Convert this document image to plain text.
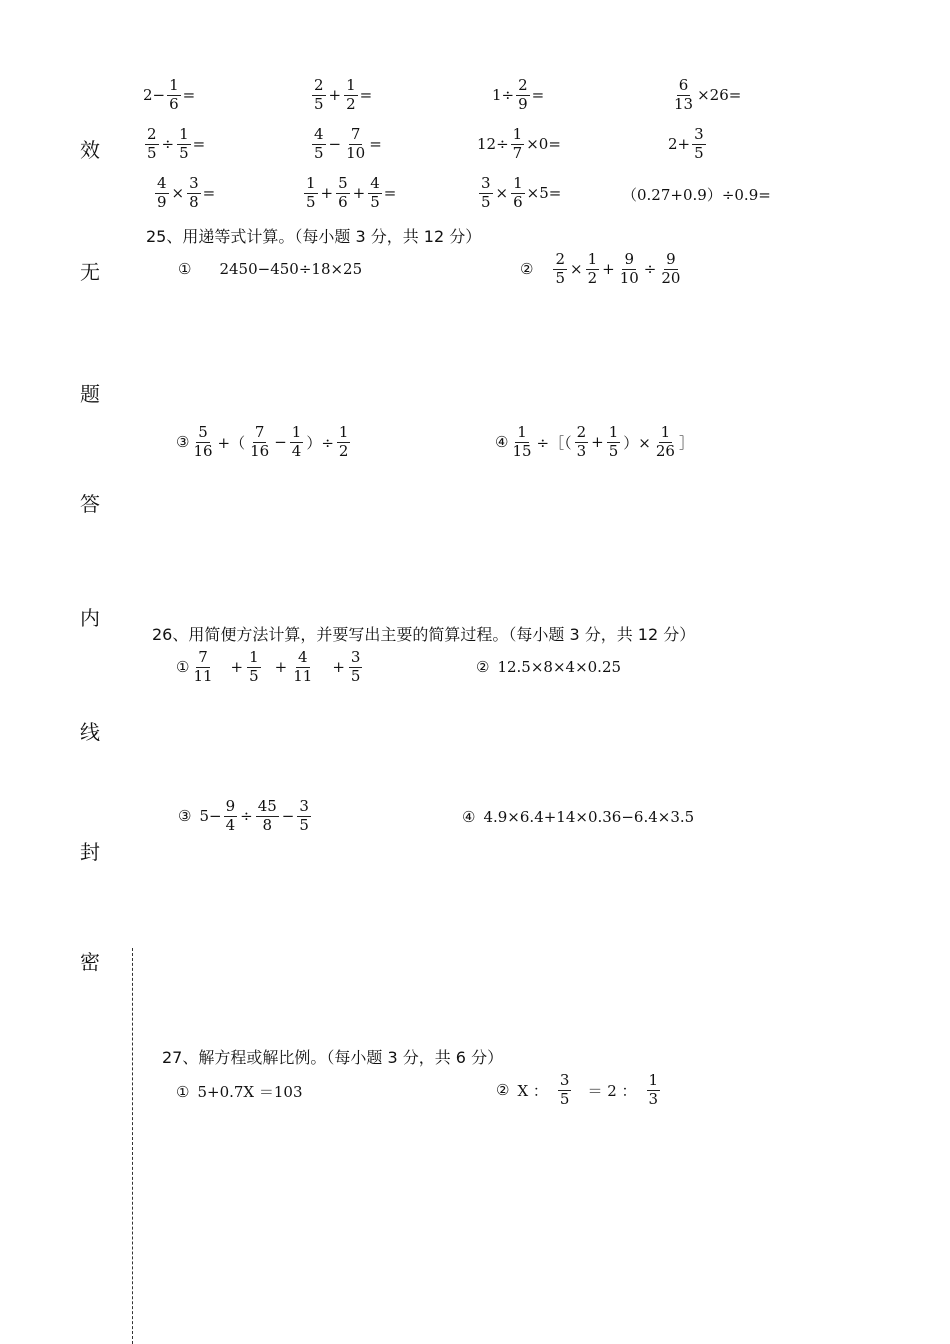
效
无
题
答
内
线
封
密
$2- \frac{1}{6}$ =	$\frac{2}{5} + \frac{1}{2}$ =	$1\div \frac{2}{9}$ =	$\frac{6}{13} \times 26=$
$\frac{2}{5} \div \frac{1}{5}$ =	$\frac{4}{5} - \frac{7}{10}$ =	$12\div \frac{1}{7} \times 0=$	$2+ \frac{3}{5}$
$\frac{4}{9} \times \frac{3}{8}$ =	$\frac{1}{5} + \frac{5}{6} + \frac{4}{5}$ =	$\frac{3}{5} \times \frac{1}{6} \times 5=$	（0.27+0.9）÷0.9=
25、用递等式计算。（每小题 3 分，共 12 分）
① 2450−450÷18×25	② $\frac{2}{5} \times \frac{1}{2} + \frac{9}{10} \div \frac{9}{20}$
③ $\frac{5}{16}$ +（ $\frac{7}{16} - \frac{1}{4}$ ）÷ $\frac{1}{2}$	④ $\frac{1}{15}$ ÷［（ $\frac{2}{3} + \frac{1}{5}$ ）× $\frac{1}{26}$ ］
26、用简便方法计算，并要写出主要的简算过程。（每小题 3 分，共 12 分）
① $\frac{7}{11} + \frac{1}{5} + \frac{4}{11} + \frac{3}{5}$	② 12.5×8×4×0.25
③ $5- \frac{9}{4} \div \frac{45}{8} - \frac{3}{5}$	④ 4.9×6.4+14×0.36−6.4×3.5
27、解方程或解比例。（每小题 3 分，共 6 分）
① 5+0.7X ＝103	② X ： $\frac{3}{5} = 2$ ： $\frac{1}{3}$
